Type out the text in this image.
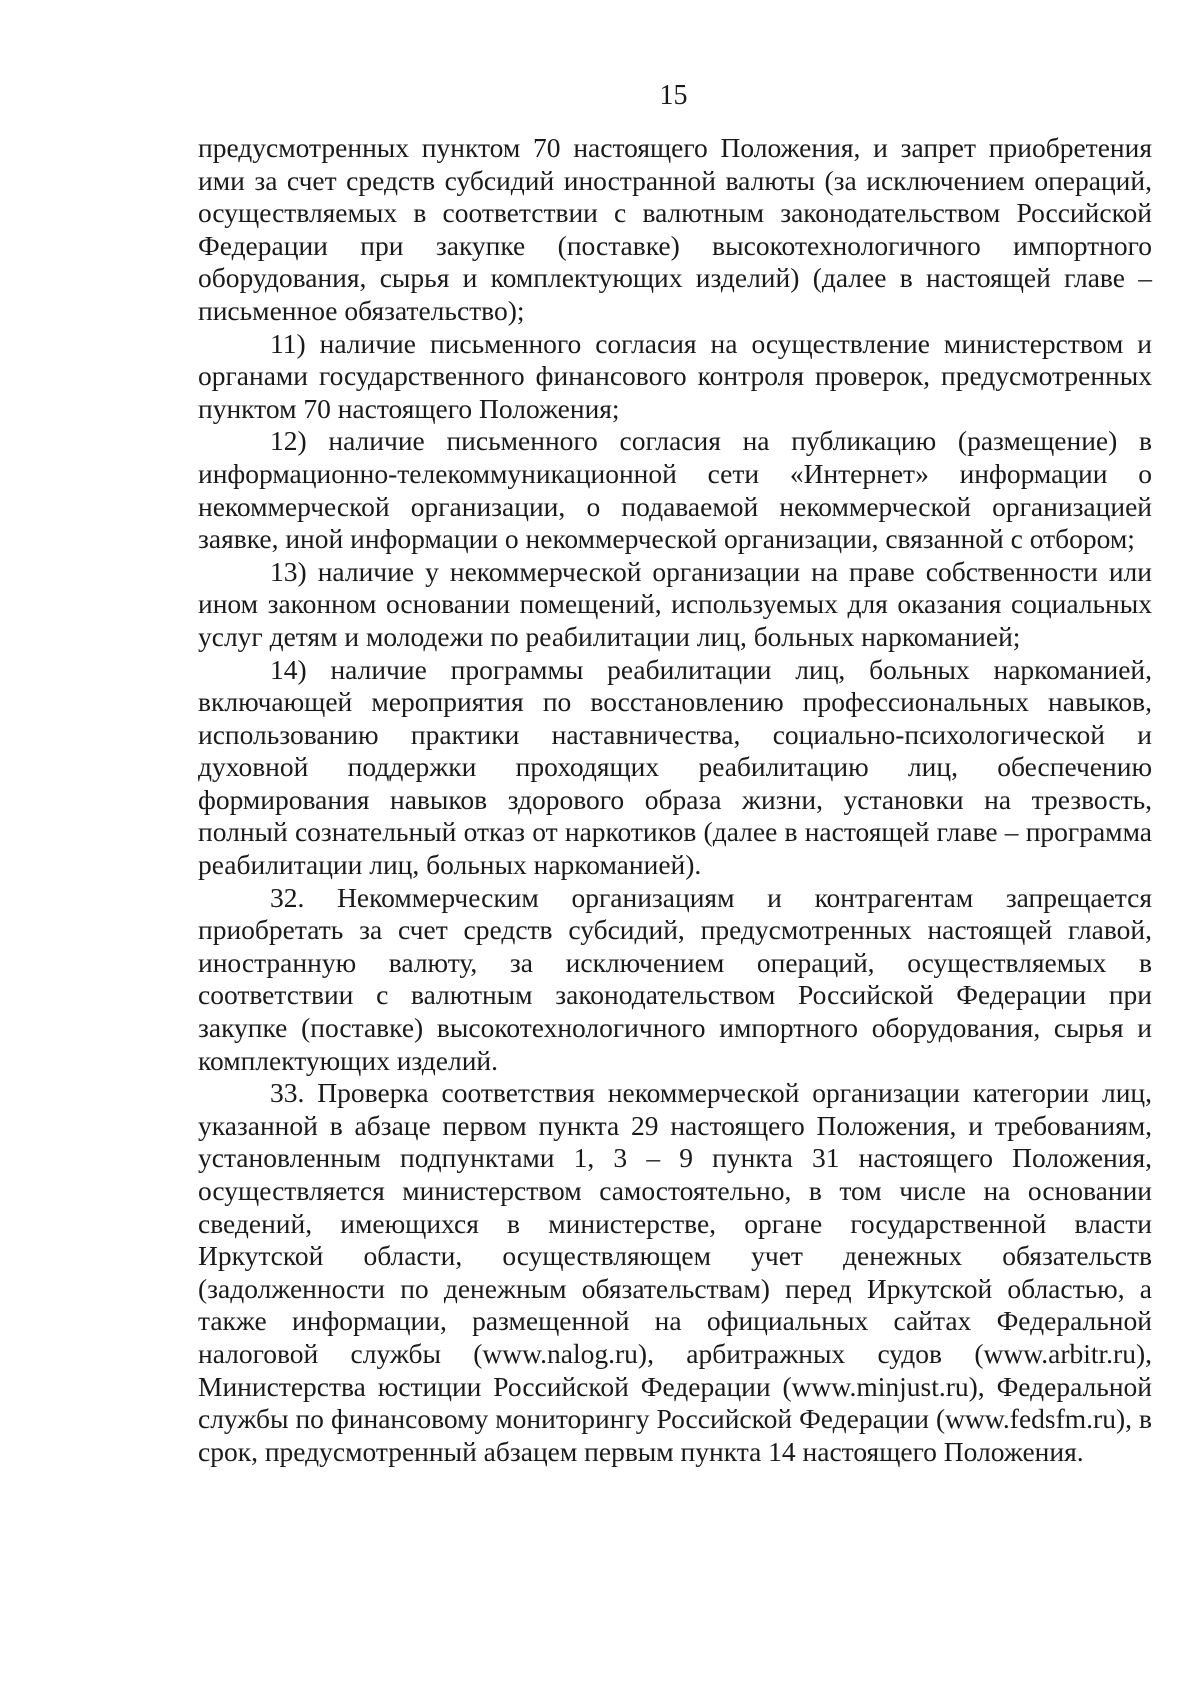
15

предусмотренных пунктом 70 настоящего Положения, и запрет приобретения ими за счет средств субсидий иностранной валюты (за исключением операций, осуществляемых в соответствии с валютным законодательством Российской Федерации при закупке (поставке) высокотехнологичного импортного оборудования, сырья и комплектующих изделий) (далее в настоящей главе – письменное обязательство);

11) наличие письменного согласия на осуществление министерством и органами государственного финансового контроля проверок, предусмотренных пунктом 70 настоящего Положения;

12) наличие письменного согласия на публикацию (размещение) в информационно-телекоммуникационной сети «Интернет» информации о некоммерческой организации, о подаваемой некоммерческой организацией заявке, иной информации о некоммерческой организации, связанной с отбором;

13) наличие у некоммерческой организации на праве собственности или ином законном основании помещений, используемых для оказания социальных услуг детям и молодежи по реабилитации лиц, больных наркоманией;

14) наличие программы реабилитации лиц, больных наркоманией, включающей мероприятия по восстановлению профессиональных навыков, использованию практики наставничества, социально-психологической и духовной поддержки проходящих реабилитацию лиц, обеспечению формирования навыков здорового образа жизни, установки на трезвость, полный сознательный отказ от наркотиков (далее в настоящей главе – программа реабилитации лиц, больных наркоманией).

32. Некоммерческим организациям и контрагентам запрещается приобретать за счет средств субсидий, предусмотренных настоящей главой, иностранную валюту, за исключением операций, осуществляемых в соответствии с валютным законодательством Российской Федерации при закупке (поставке) высокотехнологичного импортного оборудования, сырья и комплектующих изделий.

33. Проверка соответствия некоммерческой организации категории лиц, указанной в абзаце первом пункта 29 настоящего Положения, и требованиям, установленным подпунктами 1, 3 – 9 пункта 31 настоящего Положения, осуществляется министерством самостоятельно, в том числе на основании сведений, имеющихся в министерстве, органе государственной власти Иркутской области, осуществляющем учет денежных обязательств (задолженности по денежным обязательствам) перед Иркутской областью, а также информации, размещенной на официальных сайтах Федеральной налоговой службы (www.nalog.ru), арбитражных судов (www.arbitr.ru), Министерства юстиции Российской Федерации (www.minjust.ru), Федеральной службы по финансовому мониторингу Российской Федерации (www.fedsfm.ru), в срок, предусмотренный абзацем первым пункта 14 настоящего Положения.
